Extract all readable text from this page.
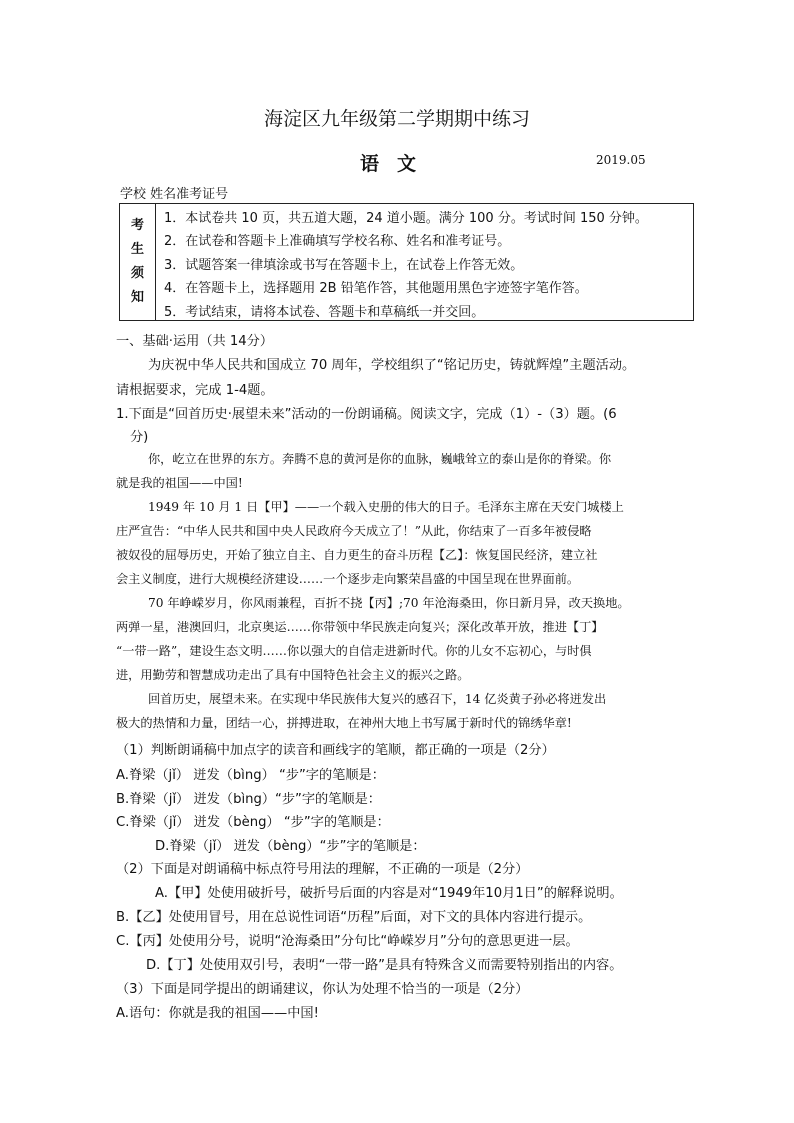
海淀区九年级第二学期期中练习
语文	2019.05
学校 姓名准考证号
考
生
须
知
1．本试卷共 10 页，共五道大题，24 道小题。满分 100 分。考试时间 150 分钟。
2．在试卷和答题卡上准确填写学校名称、姓名和准考证号。
3．试题答案一律填涂或书写在答题卡上，在试卷上作答无效。
4．在答题卡上，选择题用 2B 铅笔作答，其他题用黑色字迹签字笔作答。
5．考试结束，请将本试卷、答题卡和草稿纸一并交回。
一、基础·运用（共 14分）
为庆祝中华人民共和国成立 70 周年，学校组织了“铭记历史，铸就辉煌”主题活动。
请根据要求，完成 1-4题。
1.下面是“回首历史·展望未来”活动的一份朗诵稿。阅读文字，完成（1）-（3）题。(6
分)
你，屹立在世界的东方。奔腾不息的黄河是你的血脉，巍峨耸立的泰山是你的脊梁。你
就是我的祖国——中国!
1949 年 10 月 1 日【甲】——一个载入史册的伟大的日子。毛泽东主席在天安门城楼上
庄严宣告：“中华人民共和国中央人民政府今天成立了！”从此，你结束了一百多年被侵略
被奴役的屈辱历史，开始了独立自主、自力更生的奋斗历程【乙】：恢复国民经济，建立社
会主义制度，进行大规模经济建设……一个逐步走向繁荣昌盛的中国呈现在世界面前。
70 年峥嵘岁月，你风雨兼程，百折不挠【丙】;70 年沧海桑田，你日新月异，改天换地。
两弹一星，港澳回归，北京奥运……你带领中华民族走向复兴；深化改革开放，推进【丁】
“一带一路”，建设生态文明……你以强大的自信走进新时代。你的儿女不忘初心，与时俱
进，用勤劳和智慧成功走出了具有中国特色社会主义的振兴之路。
回首历史，展望未来。在实现中华民族伟大复兴的感召下，14 亿炎黄子孙必将迸发出
极大的热情和力量，团结一心，拼搏进取，在神州大地上书写属于新时代的锦绣华章!
（1）判断朗诵稿中加点字的读音和画线字的笔顺，都正确的一项是（2分）
A.脊梁（jǐ） 迸发（bìng） “步”字的笔顺是：
B.脊梁（jǐ） 迸发（bìng）“步”字的笔顺是：
C.脊梁（jǐ） 迸发（bèng） “步”字的笔顺是：
D.脊梁（jǐ） 迸发（bèng）“步”字的笔顺是：
（2）下面是对朗诵稿中标点符号用法的理解，不正确的一项是（2分）
A.【甲】处使用破折号，破折号后面的内容是对“1949年10月1日”的解释说明。
B.【乙】处使用冒号，用在总说性词语“历程”后面，对下文的具体内容进行提示。
C.【丙】处使用分号，说明“沧海桑田”分句比“峥嵘岁月”分句的意思更进一层。
D.【丁】处使用双引号，表明“一带一路”是具有特殊含义而需要特别指出的内容。
（3）下面是同学提出的朗诵建议，你认为处理不恰当的一项是（2分）
A.语句：你就是我的祖国——中国!
